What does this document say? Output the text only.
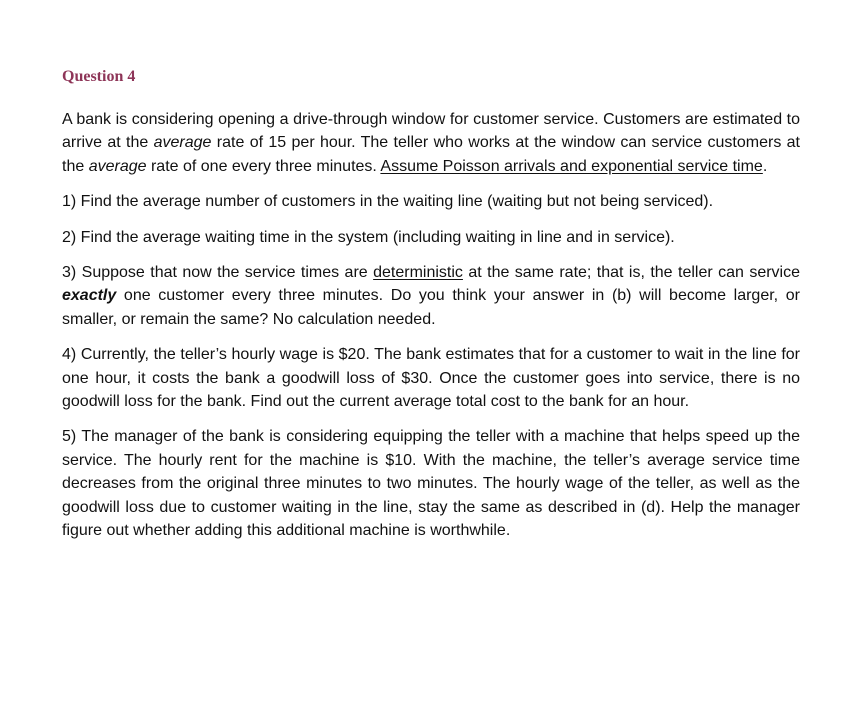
Question 4

A bank is considering opening a drive-through window for customer service. Customers are estimated to arrive at the average rate of 15 per hour. The teller who works at the window can service customers at the average rate of one every three minutes. Assume Poisson arrivals and exponential service time.

1) Find the average number of customers in the waiting line (waiting but not being serviced).

2) Find the average waiting time in the system (including waiting in line and in service).

3) Suppose that now the service times are deterministic at the same rate; that is, the teller can service exactly one customer every three minutes. Do you think your answer in (b) will become larger, or smaller, or remain the same? No calculation needed.

4) Currently, the teller’s hourly wage is $20. The bank estimates that for a customer to wait in the line for one hour, it costs the bank a goodwill loss of $30. Once the customer goes into service, there is no goodwill loss for the bank. Find out the current average total cost to the bank for an hour.

5) The manager of the bank is considering equipping the teller with a machine that helps speed up the service. The hourly rent for the machine is $10. With the machine, the teller’s average service time decreases from the original three minutes to two minutes. The hourly wage of the teller, as well as the goodwill loss due to customer waiting in the line, stay the same as described in (d). Help the manager figure out whether adding this additional machine is worthwhile.
